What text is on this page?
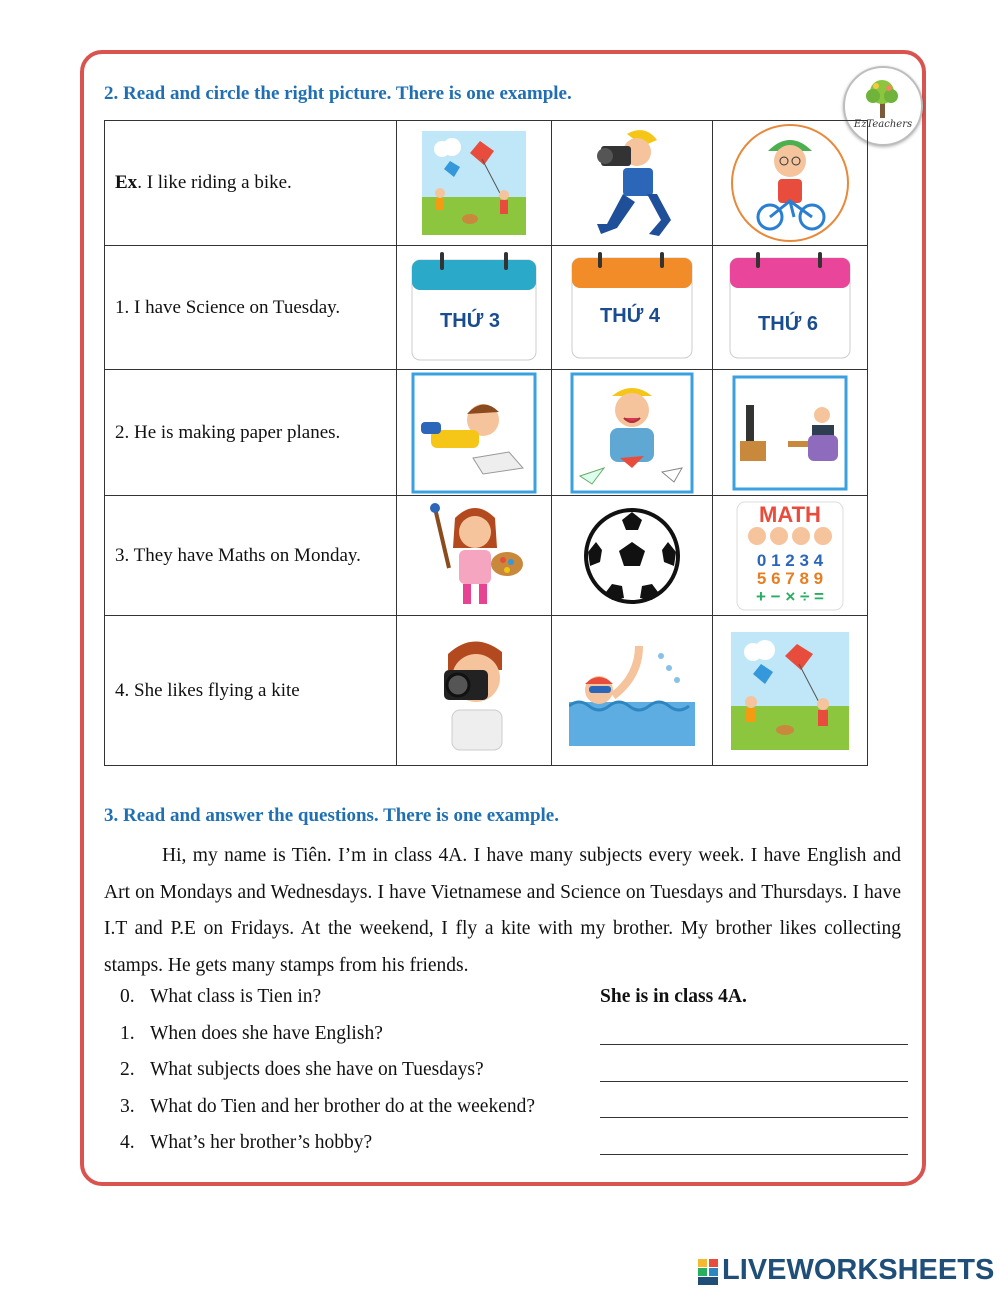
EzTeachers
2. Read and circle the right picture. There is one example.
Ex. I like riding a bike.	

1. I have Science on Tuesday.	THỨ 3	THỨ 4	THỨ 6

2. He is making paper planes.	

3. They have Maths on Monday.			MATH
0 1 2 3 4
5 6 7 8 9
+ − × ÷ =

4. She likes flying a kite	

3. Read and answer the questions. There is one example.
Hi, my name is Tiên. I’m in class 4A. I have many subjects every week. I have English and Art on Mondays and Wednesdays. I have Vietnamese and Science on Tuesdays and Thursdays. I have I.T and P.E on Fridays. At the weekend, I fly a kite with my brother. My brother likes collecting stamps. He gets many stamps from his friends.
0. What class is Tien in?	She is in class 4A.
1. When does she have English?
2. What subjects does she have on Tuesdays?
3. What do Tien and her brother do at the weekend?
4. What’s her brother’s hobby?
LIVEWORKSHEETS
